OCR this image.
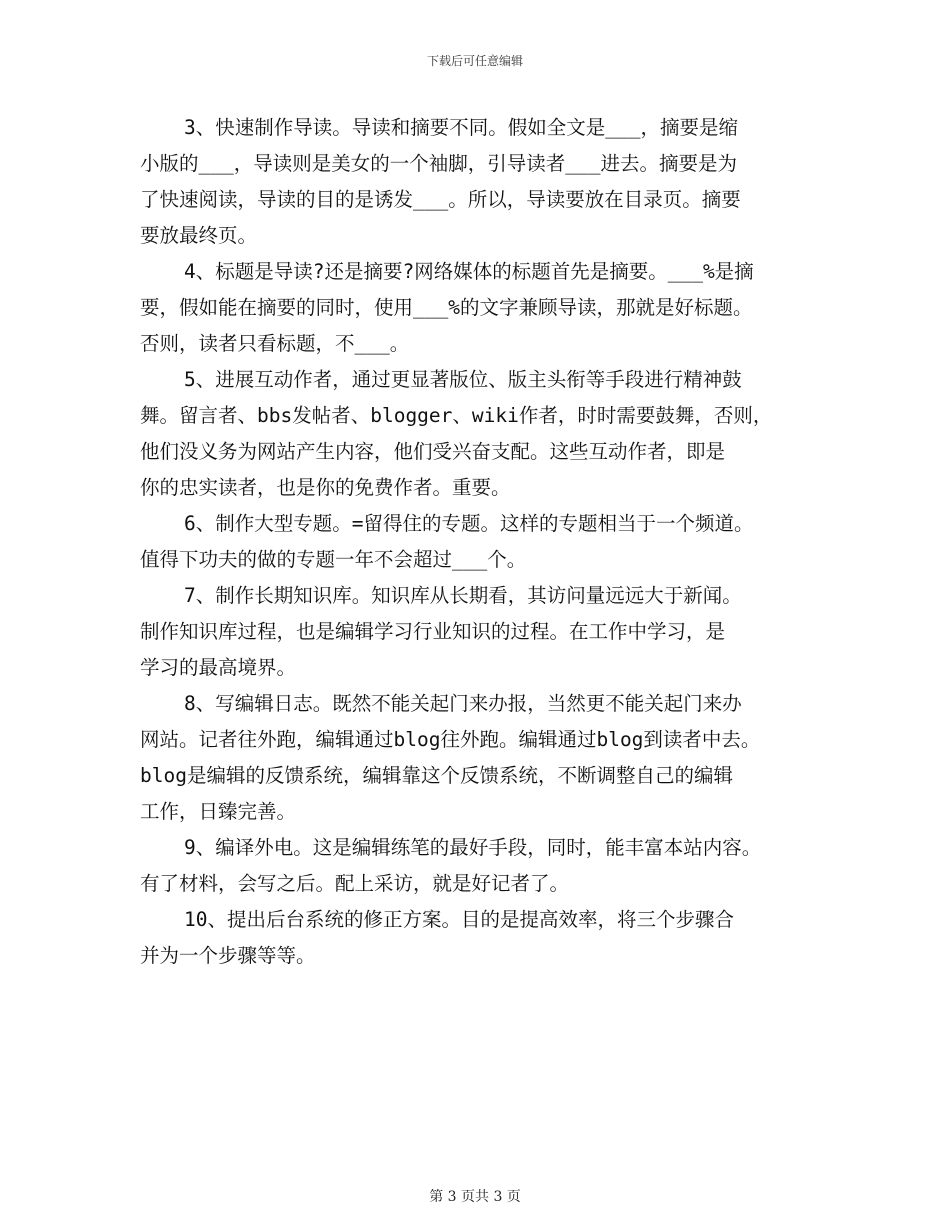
下载后可任意编辑
3、快速制作导读。导读和摘要不同。假如全文是___，摘要是缩
小版的___，导读则是美女的一个袖脚，引导读者___进去。摘要是为
了快速阅读，导读的目的是诱发___。所以，导读要放在目录页。摘要
要放最终页。
4、标题是导读?还是摘要?网络媒体的标题首先是摘要。___%是摘
要，假如能在摘要的同时，使用___%的文字兼顾导读，那就是好标题。
否则，读者只看标题，不___。
5、进展互动作者，通过更显著版位、版主头衔等手段进行精神鼓
舞。留言者、bbs发帖者、blogger、wiki作者，时时需要鼓舞，否则，
他们没义务为网站产生内容，他们受兴奋支配。这些互动作者，即是
你的忠实读者，也是你的免费作者。重要。
6、制作大型专题。=留得住的专题。这样的专题相当于一个频道。
值得下功夫的做的专题一年不会超过___个。
7、制作长期知识库。知识库从长期看，其访问量远远大于新闻。
制作知识库过程，也是编辑学习行业知识的过程。在工作中学习，是
学习的最高境界。
8、写编辑日志。既然不能关起门来办报，当然更不能关起门来办
网站。记者往外跑，编辑通过blog往外跑。编辑通过blog到读者中去。
blog是编辑的反馈系统，编辑靠这个反馈系统，不断调整自己的编辑
工作，日臻完善。
9、编译外电。这是编辑练笔的最好手段，同时，能丰富本站内容。
有了材料，会写之后。配上采访，就是好记者了。
10、提出后台系统的修正方案。目的是提高效率，将三个步骤合
并为一个步骤等等。
第 3 页共 3 页
